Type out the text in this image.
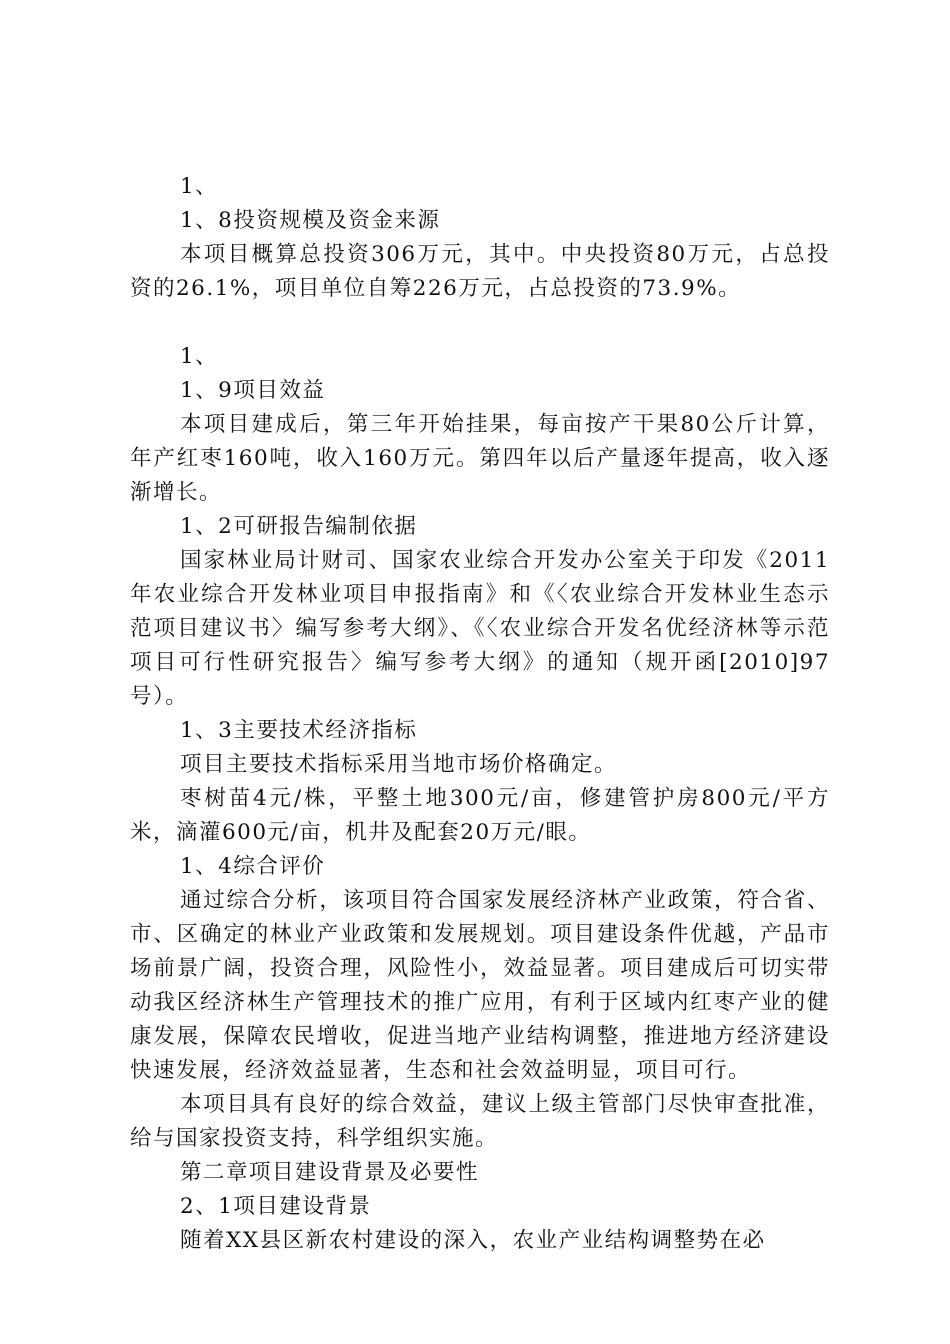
1、

1、8投资规模及资金来源

本项目概算总投资306万元，其中。中央投资80万元，占总投资的26.1%，项目单位自筹226万元，占总投资的73.9%。

1、

1、9项目效益

本项目建成后，第三年开始挂果，每亩按产干果80公斤计算，年产红枣160吨，收入160万元。第四年以后产量逐年提高，收入逐渐增长。

1、2可研报告编制依据

国家林业局计财司、国家农业综合开发办公室关于印发《2011年农业综合开发林业项目申报指南》和《〈农业综合开发林业生态示范项目建议书〉编写参考大纲》、《〈农业综合开发名优经济林等示范项目可行性研究报告〉编写参考大纲》的通知（规开函[2010]97号）。

1、3主要技术经济指标

项目主要技术指标采用当地市场价格确定。

枣树苗4元/株，平整土地300元/亩，修建管护房800元/平方米，滴灌600元/亩，机井及配套20万元/眼。

1、4综合评价

通过综合分析，该项目符合国家发展经济林产业政策，符合省、市、区确定的林业产业政策和发展规划。项目建设条件优越，产品市场前景广阔，投资合理，风险性小，效益显著。项目建成后可切实带动我区经济林生产管理技术的推广应用，有利于区域内红枣产业的健康发展，保障农民增收，促进当地产业结构调整，推进地方经济建设快速发展，经济效益显著，生态和社会效益明显，项目可行。

本项目具有良好的综合效益，建议上级主管部门尽快审查批准，给与国家投资支持，科学组织实施。

第二章项目建设背景及必要性

2、1项目建设背景

随着XX县区新农村建设的深入，农业产业结构调整势在必
